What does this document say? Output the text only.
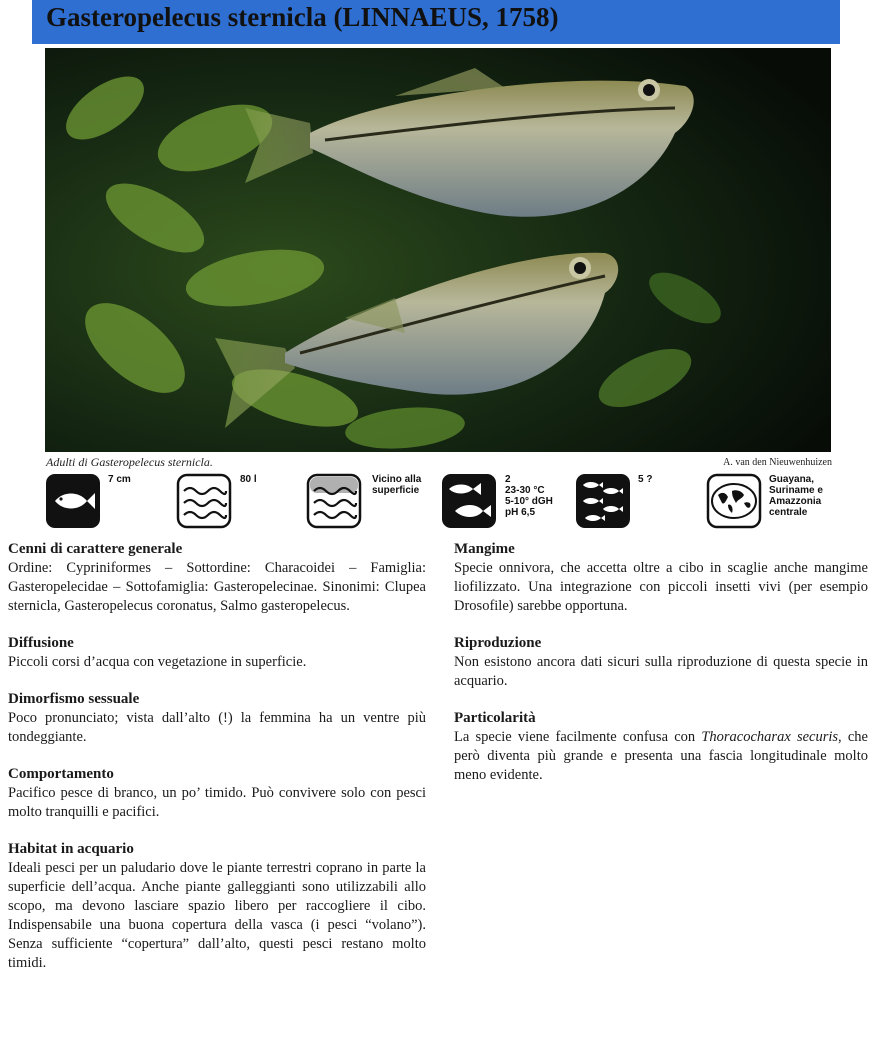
Gasteropelecus sternicla (LINNAEUS, 1758)
Adulti di Gasteropelecus sternicla.	A. van den Nieuwenhuizen
7 cm	80 l	Vicino alla
superficie
2
23-30 °C
5-10° dGH
pH 6,5
5 ?	Guayana,
Suriname e
Amazzonia
centrale
Cenni di carattere generale

Ordine: Cypriniformes – Sottordine: Characoidei – Famiglia: Gasteropelecidae – Sottofamiglia: Gasteropelecinae. Sinonimi: Clupea sternicla, Gasteropelecus coronatus, Salmo gasteropelecus.

Diffusione

Piccoli corsi d’acqua con vegetazione in superficie.

Dimorfismo sessuale

Poco pronunciato; vista dall’alto (!) la femmina ha un ventre più tondeggiante.

Comportamento

Pacifico pesce di branco, un po’ timido. Può convivere solo con pesci molto tranquilli e pacifici.

Habitat in acquario

Ideali pesci per un paludario dove le piante terrestri coprano in parte la superficie dell’acqua. Anche piante galleggianti sono utilizzabili allo scopo, ma devono lasciare spazio libero per raccogliere il cibo. Indispensabile una buona copertura della vasca (i pesci “volano”). Senza sufficiente “copertura” dall’alto, questi pesci restano molto timidi.

Mangime

Specie onnivora, che accetta oltre a cibo in scaglie anche mangime liofilizzato. Una integrazione con piccoli insetti vivi (per esempio Drosofile) sarebbe opportuna.

Riproduzione

Non esistono ancora dati sicuri sulla riproduzione di questa specie in acquario.

Particolarità

La specie viene facilmente confusa con Thoracocharax securis, che però diventa più grande e presenta una fascia longitudinale molto meno evidente.
